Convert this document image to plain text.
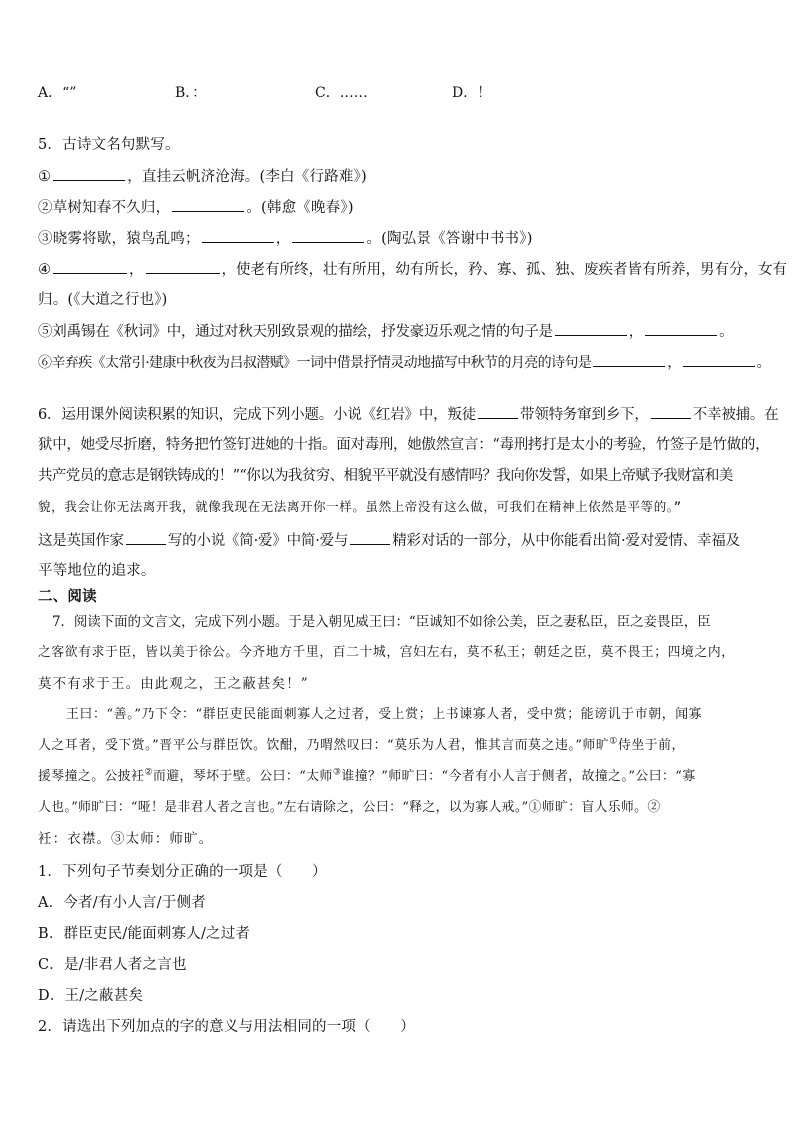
A．“”	B．：	C．……	D．！
5．古诗文名句默写。
①	，直挂云帆济沧海。(李白《行路难》)
②草树知春不久归，	。(韩愈《晚春》)
③晓雾将歇，猿鸟乱鸣；	，	。(陶弘景《答谢中书书》)
④	，	，使老有所终，壮有所用，幼有所长，矜、寡、孤、独、废疾者皆有所养，男有分，女有
归。(《大道之行也》)
⑤刘禹锡在《秋词》中，通过对秋天别致景观的描绘，抒发豪迈乐观之情的句子是	，	。
⑥辛弃疾《太常引·建康中秋夜为吕叔潜赋》一词中借景抒情灵动地描写中秋节的月亮的诗句是	，	。
6．运用课外阅读积累的知识，完成下列小题。小说《红岩》中，叛徒	带领特务窜到乡下，	不幸被捕。在
狱中，她受尽折磨，特务把竹签钉进她的十指。面对毒刑，她傲然宣言：“毒刑拷打是太小的考验，竹签子是竹做的，
共产党员的意志是钢铁铸成的！”“你以为我贫穷、相貌平平就没有感情吗？我向你发誓，如果上帝赋予我财富和美
貌，我会让你无法离开我，就像我现在无法离开你一样。虽然上帝没有这么做，可我们在精神上依然是平等的。”
这是英国作家	写的小说《简·爱》中简·爱与	精彩对话的一部分，从中你能看出简·爱对爱情、幸福及
平等地位的追求。
二、阅读
7．阅读下面的文言文，完成下列小题。于是入朝见威王曰：“臣诚知不如徐公美，臣之妻私臣，臣之妾畏臣，臣
之客欲有求于臣，皆以美于徐公。今齐地方千里，百二十城，宫妇左右，莫不私王；朝廷之臣，莫不畏王；四境之内，
莫不有求于王。由此观之，王之蔽甚矣！”
王曰：“善。”乃下令：“群臣吏民能面刺寡人之过者，受上赏；上书谏寡人者，受中赏；能谤讥于市朝，闻寡
人之耳者，受下赏。”晋平公与群臣饮。饮酣，乃喟然叹曰：“莫乐为人君，惟其言而莫之违。”师旷①侍坐于前，
援琴撞之。公披衽②而避，琴坏于壁。公曰：“太师③谁撞？”师旷曰：“今者有小人言于侧者，故撞之。”公曰：“寡
人也。”师旷曰：“哑！是非君人者之言也。”左右请除之，公曰：“释之，以为寡人戒。”①师旷：盲人乐师。②
衽：衣襟。③太师：师旷。
1．下列句子节奏划分正确的一项是（　　）
A．今者/有小人言/于侧者
B．群臣吏民/能面刺寡人/之过者
C．是/非君人者之言也
D．王/之蔽甚矣
2．请选出下列加点的字的意义与用法相同的一项（　　）
